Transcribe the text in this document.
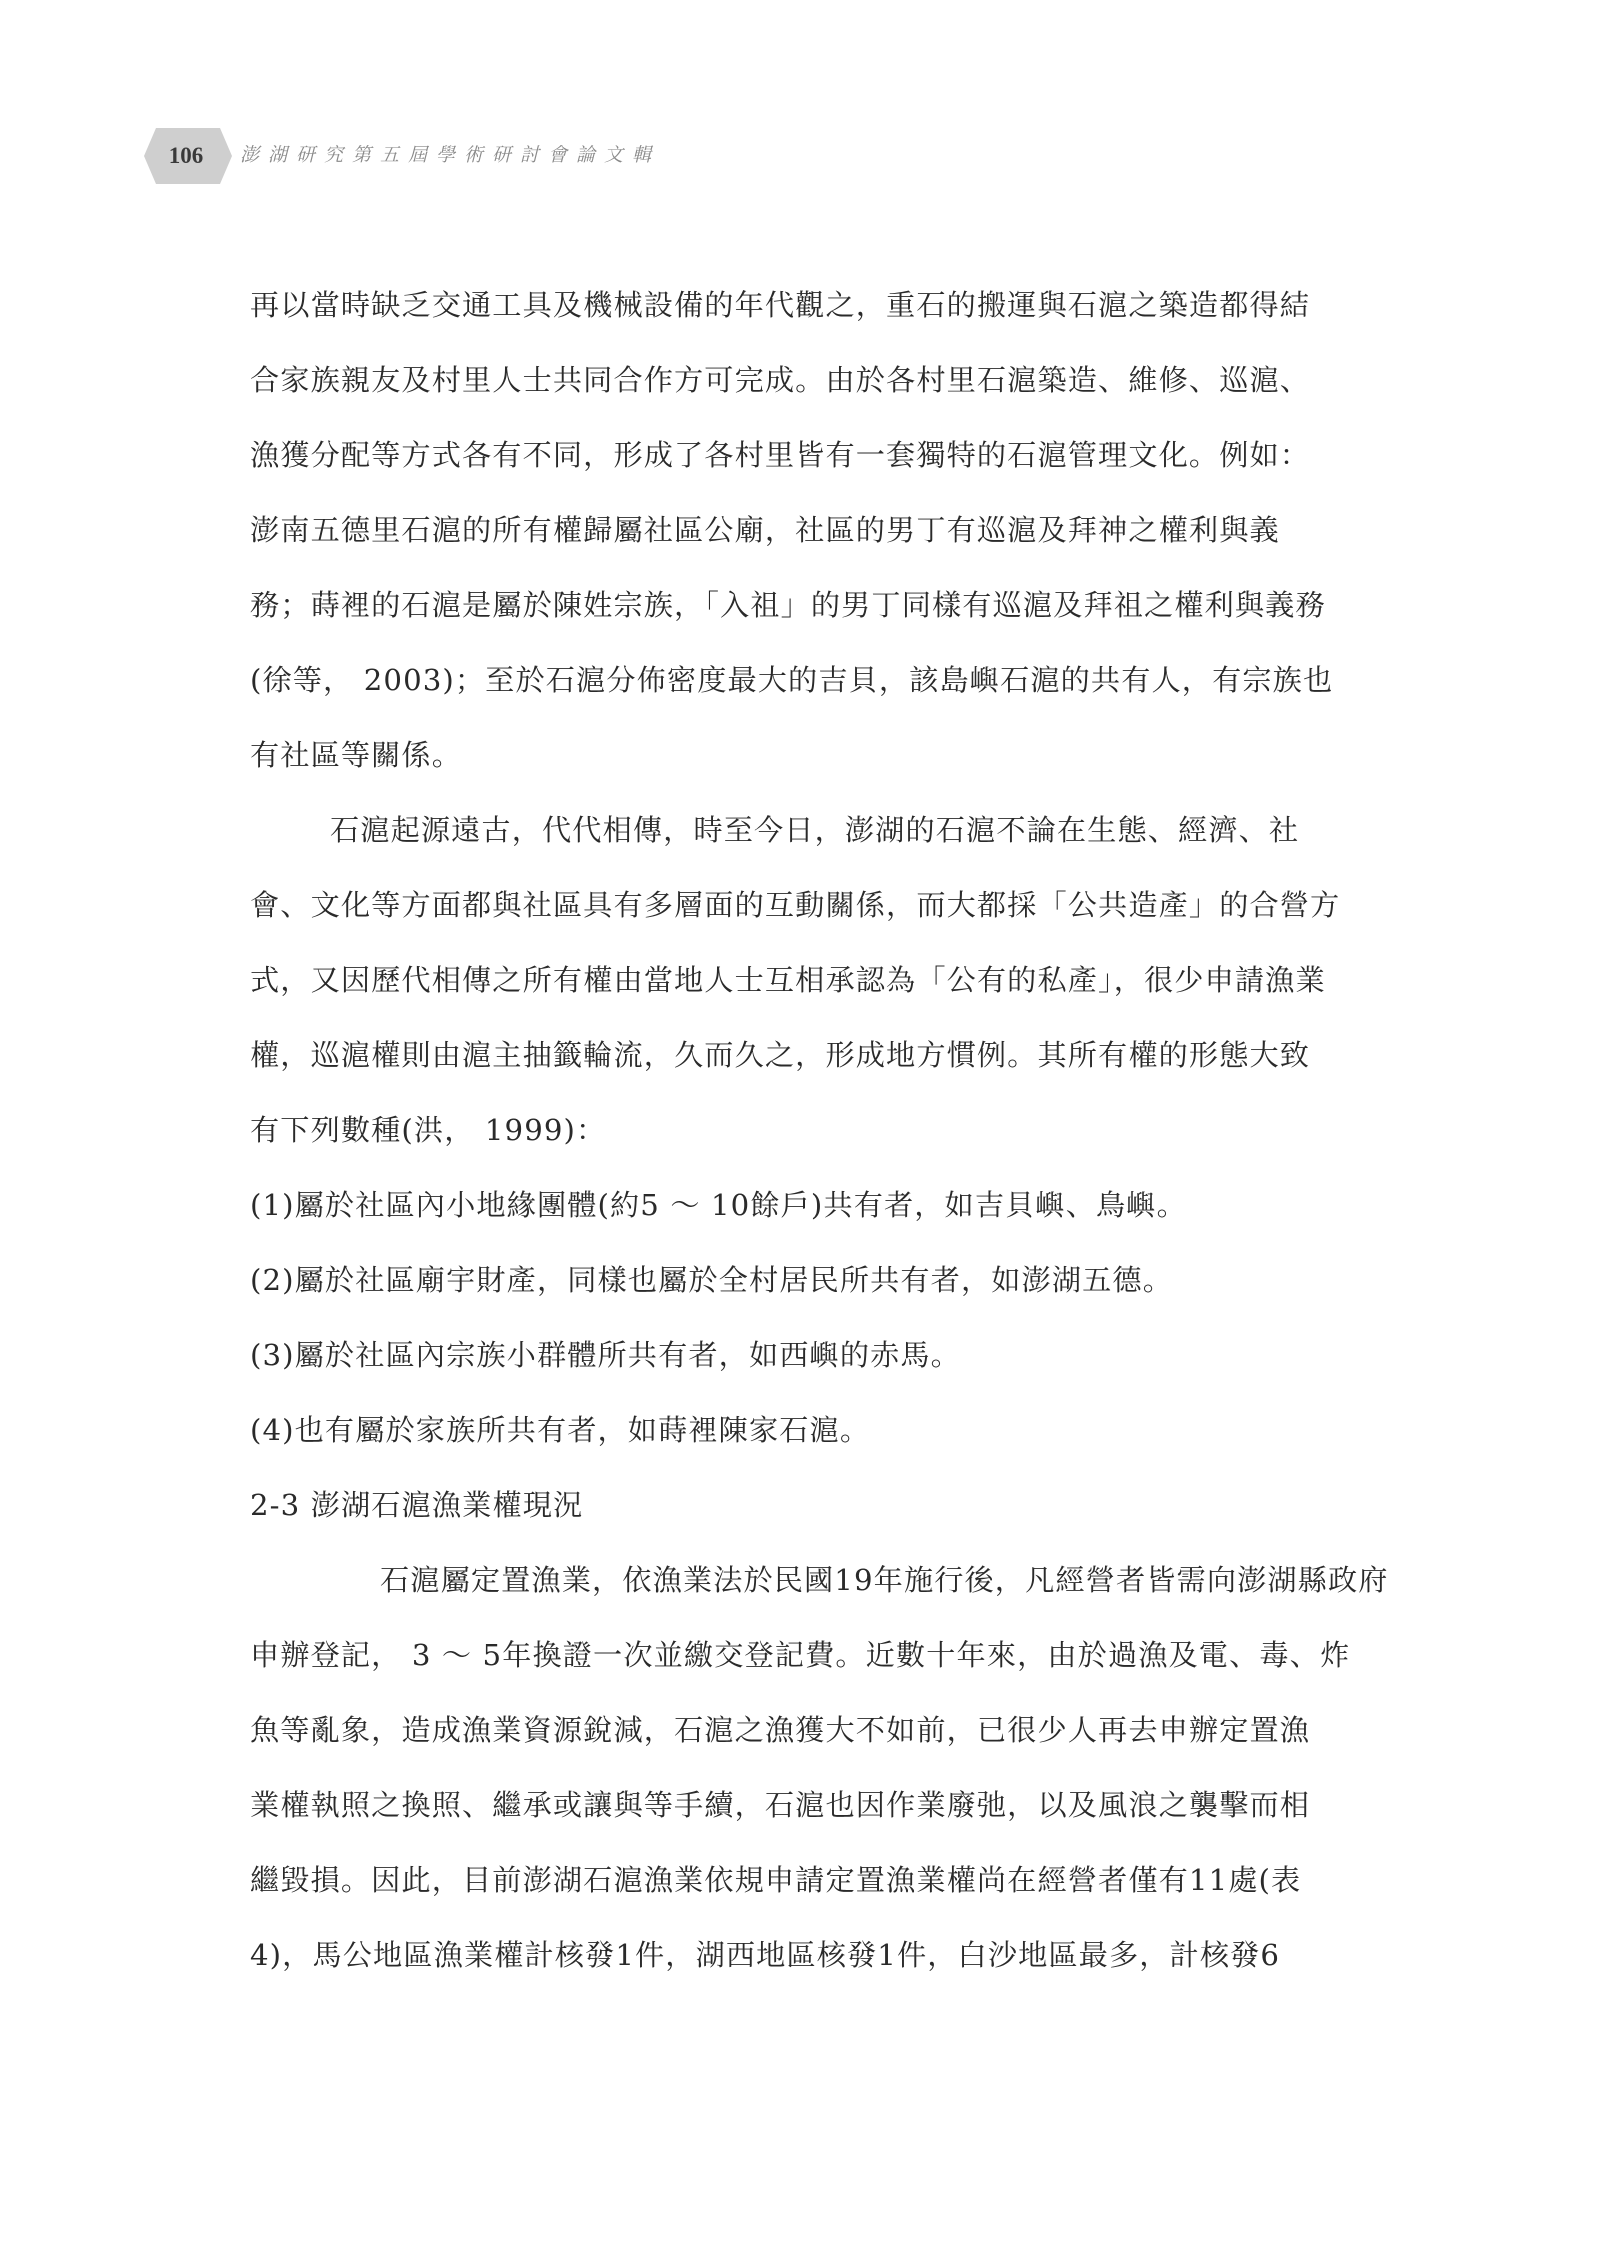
106	澎湖研究第五屆學術研討會論文輯
再以當時缺乏交通工具及機械設備的年代觀之，重石的搬運與石滬之築造都得結
合家族親友及村里人士共同合作方可完成。由於各村里石滬築造、維修、巡滬、
漁獲分配等方式各有不同，形成了各村里皆有一套獨特的石滬管理文化。例如：
澎南五德里石滬的所有權歸屬社區公廟，社區的男丁有巡滬及拜神之權利與義
務；蒔裡的石滬是屬於陳姓宗族，「入祖」的男丁同樣有巡滬及拜祖之權利與義務
(徐等， 2003)；至於石滬分佈密度最大的吉貝，該島嶼石滬的共有人，有宗族也
有社區等關係。
石滬起源遠古，代代相傳，時至今日，澎湖的石滬不論在生態、經濟、社
會、文化等方面都與社區具有多層面的互動關係，而大都採「公共造產」的合營方
式，又因歷代相傳之所有權由當地人士互相承認為「公有的私產」，很少申請漁業
權，巡滬權則由滬主抽籤輪流，久而久之，形成地方慣例。其所有權的形態大致
有下列數種(洪， 1999)：
(1)屬於社區內小地緣團體(約5 ～ 10餘戶)共有者，如吉貝嶼、鳥嶼。
(2)屬於社區廟宇財產，同樣也屬於全村居民所共有者，如澎湖五德。
(3)屬於社區內宗族小群體所共有者，如西嶼的赤馬。
(4)也有屬於家族所共有者，如蒔裡陳家石滬。
2-3 澎湖石滬漁業權現況
石滬屬定置漁業，依漁業法於民國19年施行後，凡經營者皆需向澎湖縣政府
申辦登記， 3 ～ 5年換證一次並繳交登記費。近數十年來，由於過漁及電、毒、炸
魚等亂象，造成漁業資源銳減，石滬之漁獲大不如前，已很少人再去申辦定置漁
業權執照之換照、繼承或讓與等手續，石滬也因作業廢弛，以及風浪之襲擊而相
繼毀損。因此，目前澎湖石滬漁業依規申請定置漁業權尚在經營者僅有11處(表
4)，馬公地區漁業權計核發1件，湖西地區核發1件，白沙地區最多，計核發6
